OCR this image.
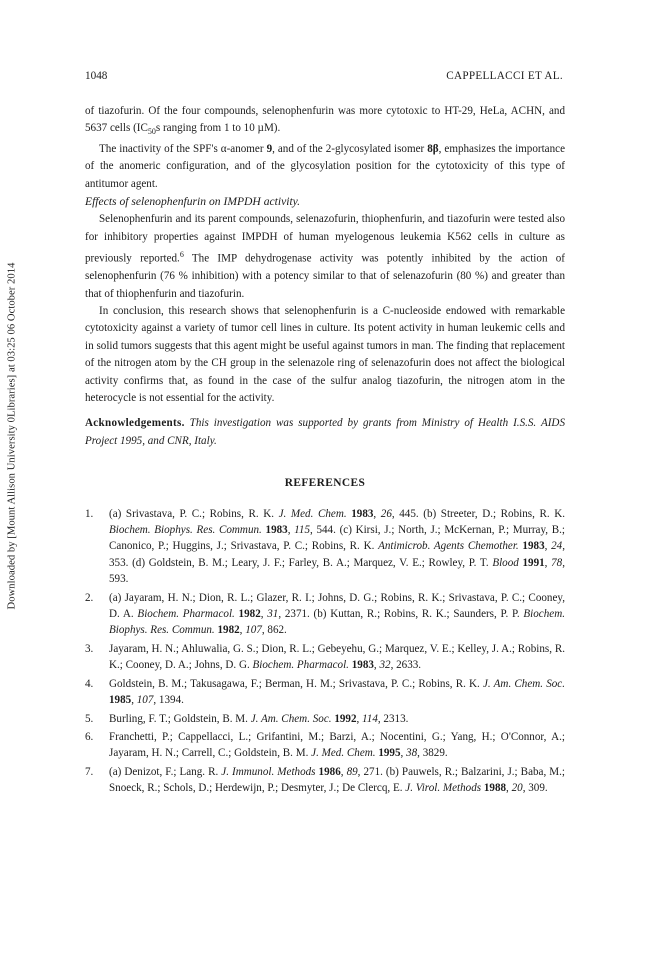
Downloaded by [Mount Allison University 0Libraries] at 03:25 06 October 2014
1048	CAPPELLACCI ET AL.

of tiazofurin. Of the four compounds, selenophenfurin was more cytotoxic to HT-29, HeLa, ACHN, and 5637 cells ($IC_{50}s$ ranging from 1 to 10 µM).

The inactivity of the SPF's α-anomer 9, and of the 2-glycosylated isomer 8β, emphasizes the importance of the anomeric configuration, and of the glycosylation position for the cytotoxicity of this type of antitumor agent.

Effects of selenophenfurin on IMPDH activity.

Selenophenfurin and its parent compounds, selenazofurin, thiophenfurin, and tiazofurin were tested also for inhibitory properties against IMPDH of human myelogenous leukemia K562 cells in culture as previously reported.$^6$ The IMP dehydrogenase activity was potently inhibited by the action of selenophenfurin (76 % inhibition) with a potency similar to that of selenazofurin (80 %) and greater than that of thiophenfurin and tiazofurin.

In conclusion, this research shows that selenophenfurin is a C-nucleoside endowed with remarkable cytotoxicity against a variety of tumor cell lines in culture. Its potent activity in human leukemic cells and in solid tumors suggests that this agent might be useful against tumors in man. The finding that replacement of the nitrogen atom by the CH group in the selenazole ring of selenazofurin does not affect the biological activity confirms that, as found in the case of the sulfur analog tiazofurin, the nitrogen atom in the heterocycle is not essential for the activity.

Acknowledgements. This investigation was supported by grants from Ministry of Health I.S.S. AIDS Project 1995, and CNR, Italy.

REFERENCES
1.	(a) Srivastava, P. C.; Robins, R. K. J. Med. Chem. 1983, 26, 445. (b) Streeter, D.; Robins, R. K. Biochem. Biophys. Res. Commun. 1983, 115, 544. (c) Kirsi, J.; North, J.; McKernan, P.; Murray, B.; Canonico, P.; Huggins, J.; Srivastava, P. C.; Robins, R. K. Antimicrob. Agents Chemother. 1983, 24, 353. (d) Goldstein, B. M.; Leary, J. F.; Farley, B. A.; Marquez, V. E.; Rowley, P. T. Blood 1991, 78, 593.
2.	(a) Jayaram, H. N.; Dion, R. L.; Glazer, R. I.; Johns, D. G.; Robins, R. K.; Srivastava, P. C.; Cooney, D. A. Biochem. Pharmacol. 1982, 31, 2371. (b) Kuttan, R.; Robins, R. K.; Saunders, P. P. Biochem. Biophys. Res. Commun. 1982, 107, 862.
3.	Jayaram, H. N.; Ahluwalia, G. S.; Dion, R. L.; Gebeyehu, G.; Marquez, V. E.; Kelley, J. A.; Robins, R. K.; Cooney, D. A.; Johns, D. G. Biochem. Pharmacol. 1983, 32, 2633.
4.	Goldstein, B. M.; Takusagawa, F.; Berman, H. M.; Srivastava, P. C.; Robins, R. K. J. Am. Chem. Soc. 1985, 107, 1394.
5.	Burling, F. T.; Goldstein, B. M. J. Am. Chem. Soc. 1992, 114, 2313.
6.	Franchetti, P.; Cappellacci, L.; Grifantini, M.; Barzi, A.; Nocentini, G.; Yang, H.; O'Connor, A.; Jayaram, H. N.; Carrell, C.; Goldstein, B. M. J. Med. Chem. 1995, 38, 3829.
7.	(a) Denizot, F.; Lang. R. J. Immunol. Methods 1986, 89, 271. (b) Pauwels, R.; Balzarini, J.; Baba, M.; Snoeck, R.; Schols, D.; Herdewijn, P.; Desmyter, J.; De Clercq, E. J. Virol. Methods 1988, 20, 309.
